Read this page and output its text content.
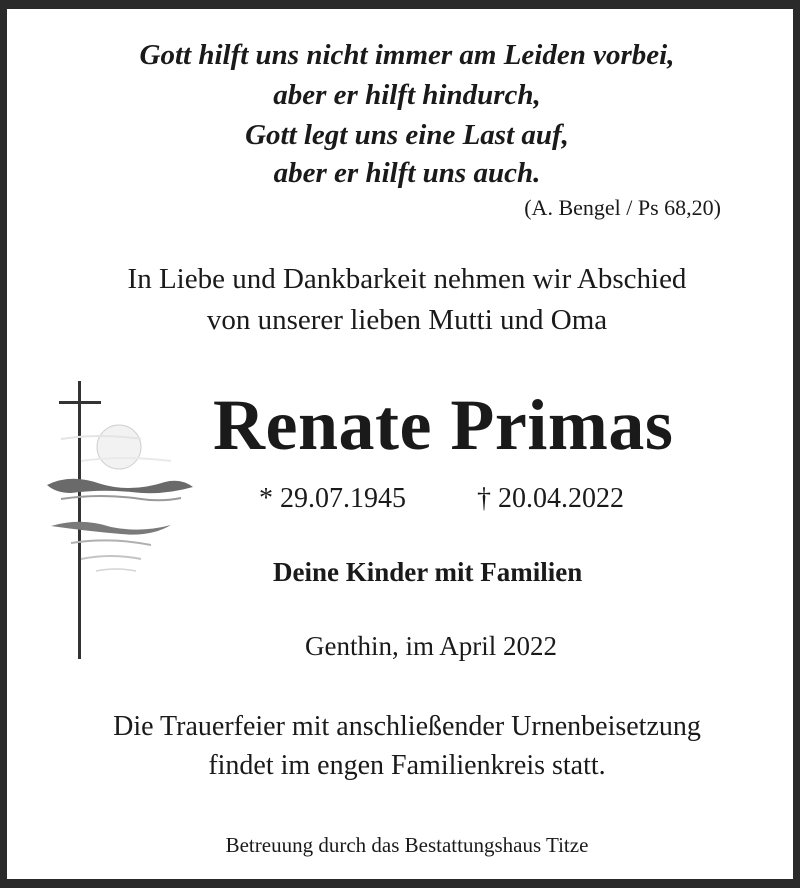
Gott hilft uns nicht immer am Leiden vorbei,
aber er hilft hindurch,
Gott legt uns eine Last auf,
aber er hilft uns auch.
(A. Bengel / Ps 68,20)
In Liebe und Dankbarkeit nehmen wir Abschied
von unserer lieben Mutti und Oma
Renate Primas
* 29.07.1945	† 20.04.2022
Deine Kinder mit Familien
Genthin, im April 2022
Die Trauerfeier mit anschließender Urnenbeisetzung
findet im engen Familienkreis statt.
Betreuung durch das Bestattungshaus Titze
